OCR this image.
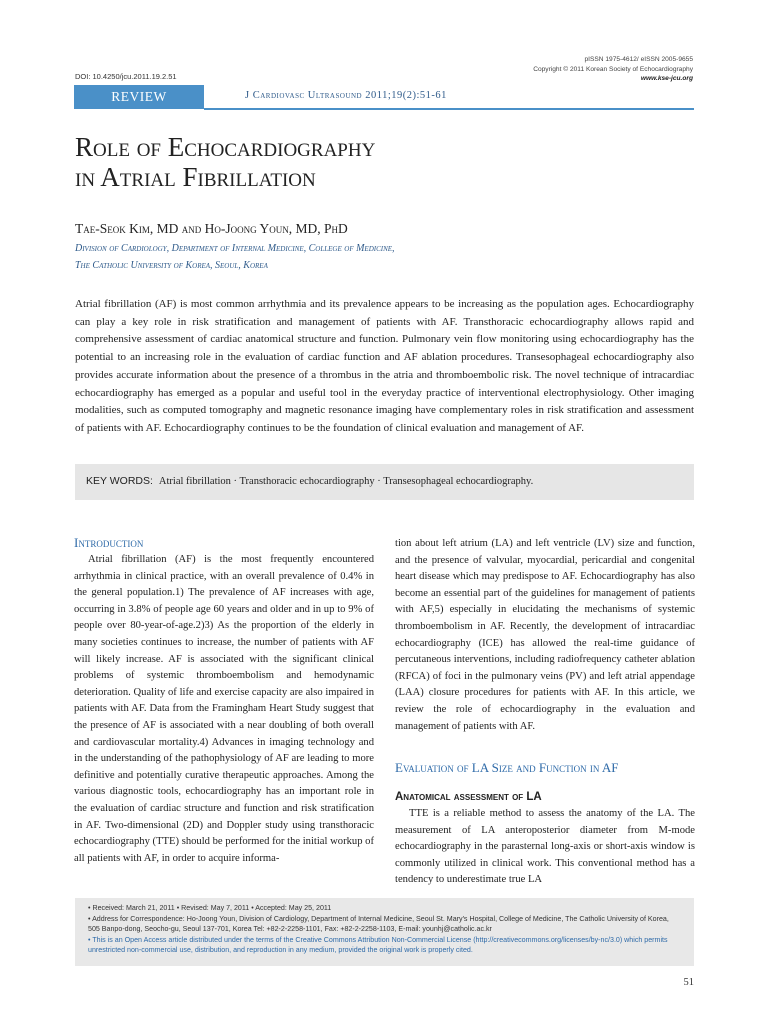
DOI: 10.4250/jcu.2011.19.2.51
pISSN 1975-4612/ eISSN 2005-9655
Copyright © 2011 Korean Society of Echocardiography
www.kse-jcu.org
REVIEW	J Cardiovasc Ultrasound 2011;19(2):51-61
Role of Echocardiography
in Atrial Fibrillation
Tae-Seok Kim, MD and Ho-Joong Youn, MD, PhD
Division of Cardiology, Department of Internal Medicine, College of Medicine,
The Catholic University of Korea, Seoul, Korea
Atrial fibrillation (AF) is most common arrhythmia and its prevalence appears to be increasing as the population ages. Echocardiography can play a key role in risk stratification and management of patients with AF. Transthoracic echocardiography allows rapid and comprehensive assessment of cardiac anatomical structure and function. Pulmonary vein flow monitoring using echocardiography has the potential to an increasing role in the evaluation of cardiac function and AF ablation procedures. Transesophageal echocardiography also provides accurate information about the presence of a thrombus in the atria and thromboembolic risk. The novel technique of intracardiac echocardiography has emerged as a popular and useful tool in the everyday practice of interventional electrophysiology. Other imaging modalities, such as computed tomography and magnetic resonance imaging have complementary roles in risk stratification and assessment of patients with AF. Echocardiography continues to be the foundation of clinical evaluation and management of AF.
KEY WORDS: Atrial fibrillation · Transthoracic echocardiography · Transesophageal echocardiography.
Introduction
Atrial fibrillation (AF) is the most frequently encountered arrhythmia in clinical practice, with an overall prevalence of 0.4% in the general population.1) The prevalence of AF increases with age, occurring in 3.8% of people age 60 years and older and in up to 9% of people over 80-year-of-age.2)3) As the proportion of the elderly in many societies continues to increase, the number of patients with AF will likely increase. AF is associated with the significant clinical problems of systemic thromboembolism and hemodynamic deterioration. Quality of life and exercise capacity are also impaired in patients with AF. Data from the Framingham Heart Study suggest that the presence of AF is associated with a near doubling of both overall and cardiovascular mortality.4) Advances in imaging technology and in the understanding of the pathophysiology of AF are leading to more definitive and potentially curative therapeutic approaches. Among the various diagnostic tools, echocardiography has an important role in the evaluation of cardiac structure and function and risk stratification in AF. Two-dimensional (2D) and Doppler study using transthoracic echocardiography (TTE) should be performed for the initial workup of all patients with AF, in order to acquire informa-
tion about left atrium (LA) and left ventricle (LV) size and function, and the presence of valvular, myocardial, pericardial and congenital heart disease which may predispose to AF. Echocardiography has also become an essential part of the guidelines for management of patients with AF,5) especially in elucidating the mechanisms of systemic thromboembolism in AF. Recently, the development of intracardiac echocardiography (ICE) has allowed the real-time guidance of percutaneous interventions, including radiofrequency catheter ablation (RFCA) of foci in the pulmonary veins (PV) and left atrial appendage (LAA) closure procedures for patients with AF. In this article, we review the role of echocardiography in the evaluation and management of patients with AF.
Evaluation of LA Size and Function in AF
Anatomical assessment of LA
TTE is a reliable method to assess the anatomy of the LA. The measurement of LA anteroposterior diameter from M-mode echocardiography in the parasternal long-axis or short-axis window is commonly utilized in clinical work. This conventional method has a tendency to underestimate true LA
• Received: March 21, 2011 • Revised: May 7, 2011 • Accepted: May 25, 2011
• Address for Correspondence: Ho-Joong Youn, Division of Cardiology, Department of Internal Medicine, Seoul St. Mary's Hospital, College of Medicine, The Catholic University of Korea, 505 Banpo-dong, Seocho-gu, Seoul 137-701, Korea Tel: +82-2-2258-1101, Fax: +82-2-2258-1103, E-mail: younhj@catholic.ac.kr
• This is an Open Access article distributed under the terms of the Creative Commons Attribution Non-Commercial License (http://creativecommons.org/licenses/by-nc/3.0) which permits unrestricted non-commercial use, distribution, and reproduction in any medium, provided the original work is properly cited.
51
